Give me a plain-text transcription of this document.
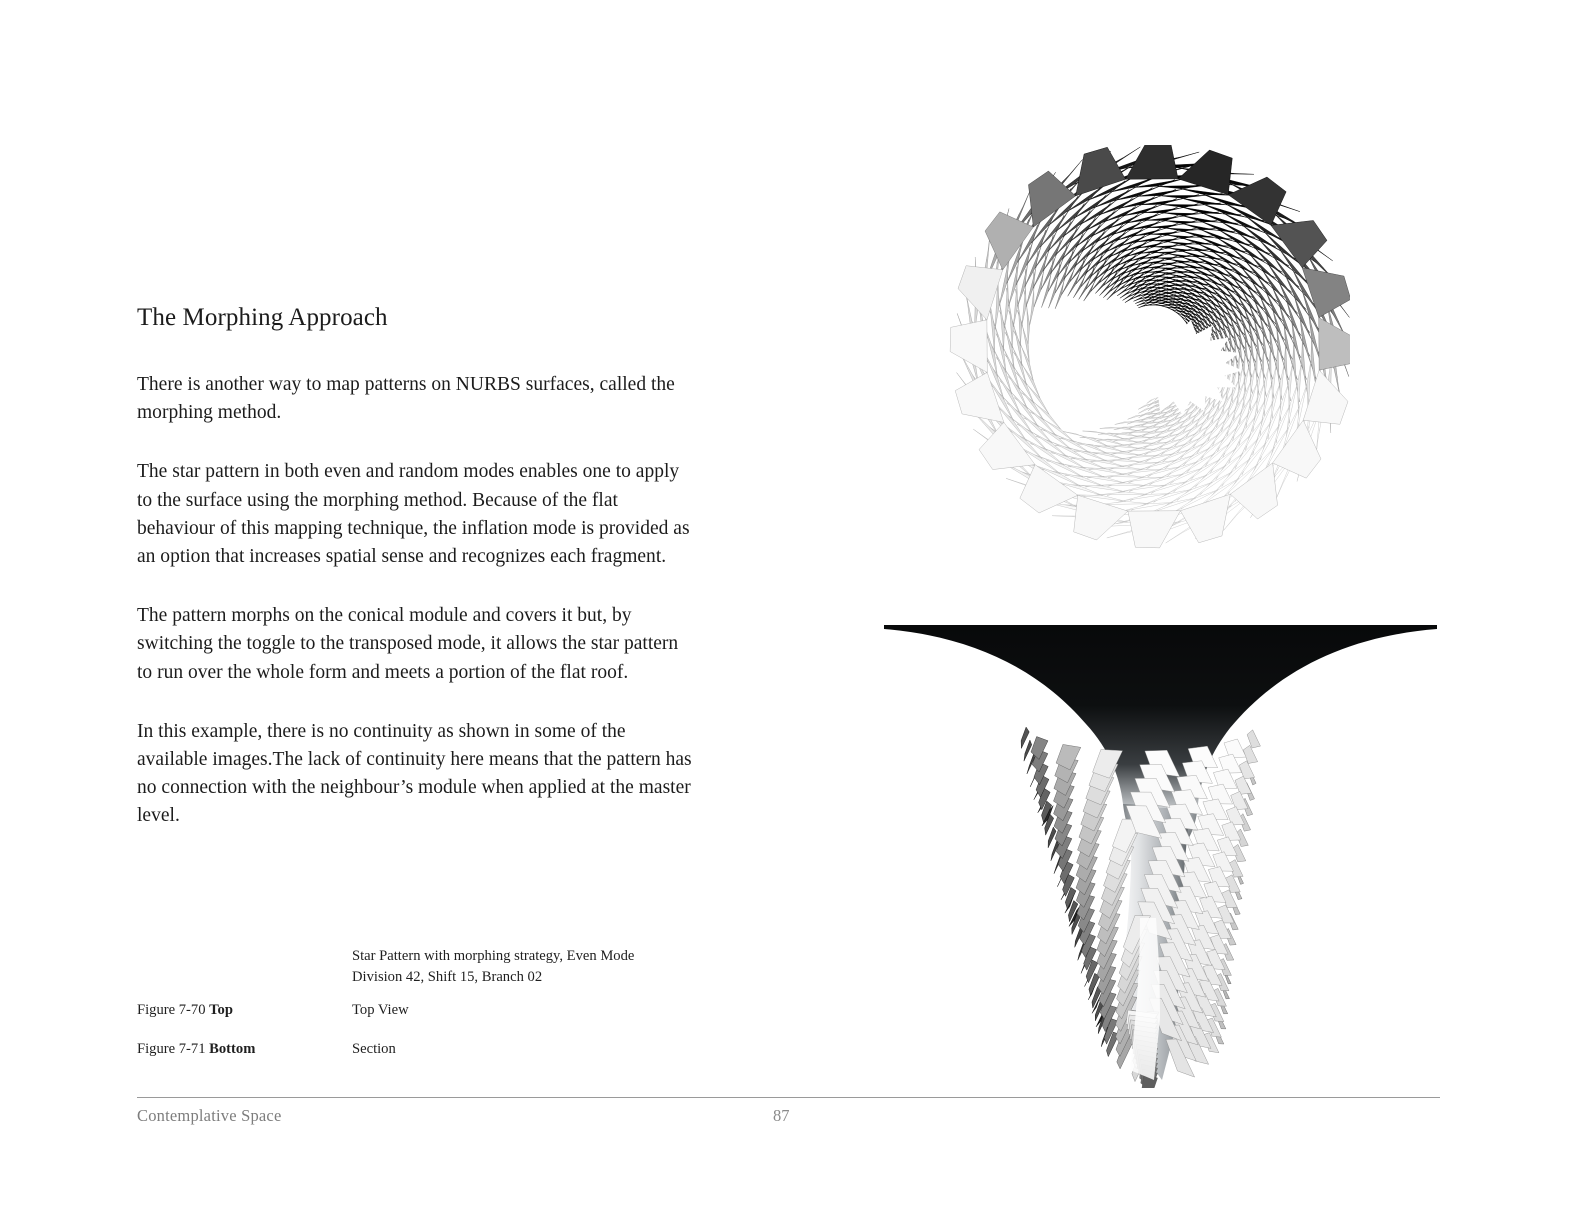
The Morphing Approach

There is another way to map patterns on NURBS surfaces, called the morphing method.

The star pattern in both even and random modes enables one to apply to the surface using the morphing method. Because of the flat behaviour of this mapping technique, the inflation mode is provided as an option that increases spatial sense and recognizes each fragment.

The pattern morphs on the conical module and covers it but, by switching the toggle to the transposed mode, it allows the star pattern to run over the whole form and meets a portion of the flat roof.

In this example, there is no continuity as shown in some of the available images.The lack of continuity here means that the pattern has no connection with the neighbour’s module when applied at the master level.

Star Pattern with morphing strategy, Even Mode
Division 42, Shift 15, Branch 02
Figure 7-70 Top	Top View
Figure 7-71 Bottom	Section
Contemplative Space	87
